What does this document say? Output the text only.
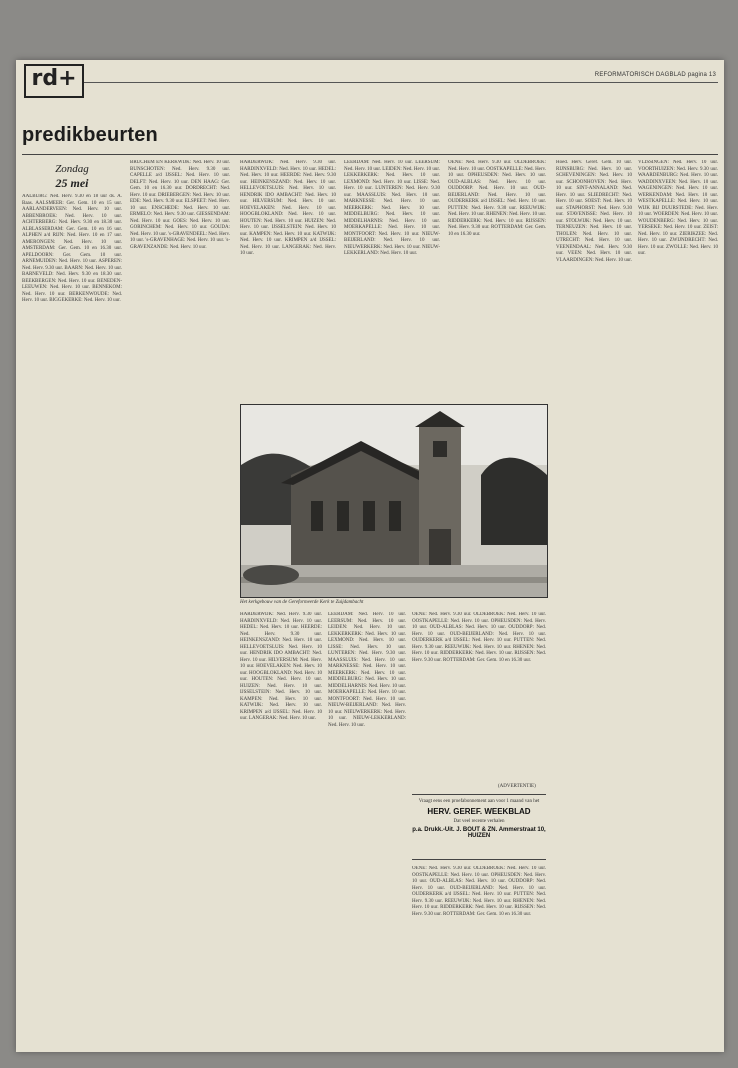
rd+	REFORMATORISCH DAGBLAD pagina 13
predikbeurten
Zondag
25 mei

AALBURG: Ned. Herv. 9.30 en 18 uur ds. A. Baas. AALSMEER: Ger. Gem. 10 en 15 uur. AARLANDERVEEN: Ned. Herv. 10 uur. ABBENBROEK: Ned. Herv. 10 uur. ACHTERBERG: Ned. Herv. 9.30 en 18.30 uur. ALBLASSERDAM: Ger. Gem. 10 en 16 uur. ALPHEN a/d RIJN: Ned. Herv. 10 en 17 uur. AMERONGEN: Ned. Herv. 10 uur. AMSTERDAM: Ger. Gem. 10 en 16.30 uur. APELDOORN: Ger. Gem. 10 uur. ARNEMUIDEN: Ned. Herv. 10 uur. ASPEREN: Ned. Herv. 9.30 uur. BAARN: Ned. Herv. 10 uur. BARNEVELD: Ned. Herv. 9.30 en 18.30 uur. BEEKBERGEN: Ned. Herv. 10 uur. BENEDEN-LEEUWEN: Ned. Herv. 10 uur. BENNEKOM: Ned. Herv. 10 uur. BERKENWOUDE: Ned. Herv. 10 uur. BIGGEKERKE: Ned. Herv. 10 uur.

BRUCHEM EN KERKWIJK: Ned. Herv. 10 uur. BUNSCHOTEN: Ned. Herv. 9.30 uur. CAPELLE a/d IJSSEL: Ned. Herv. 10 uur. DELFT: Ned. Herv. 10 uur. DEN HAAG: Ger. Gem. 10 en 16.30 uur. DORDRECHT: Ned. Herv. 10 uur. DRIEBERGEN: Ned. Herv. 10 uur. EDE: Ned. Herv. 9.30 uur. ELSPEET: Ned. Herv. 10 uur. ENSCHEDE: Ned. Herv. 10 uur. ERMELO: Ned. Herv. 9.30 uur. GIESSENDAM: Ned. Herv. 10 uur. GOES: Ned. Herv. 10 uur. GORINCHEM: Ned. Herv. 10 uur. GOUDA: Ned. Herv. 10 uur. 's-GRAVENDEEL: Ned. Herv. 10 uur. 's-GRAVENHAGE: Ned. Herv. 10 uur. 's-GRAVENZANDE: Ned. Herv. 10 uur.

HARDERWIJK: Ned. Herv. 9.30 uur. HARDINXVELD: Ned. Herv. 10 uur. HEDEL: Ned. Herv. 10 uur. HEERDE: Ned. Herv. 9.30 uur. HEINKENSZAND: Ned. Herv. 10 uur. HELLEVOETSLUIS: Ned. Herv. 10 uur. HENDRIK IDO AMBACHT: Ned. Herv. 10 uur. HILVERSUM: Ned. Herv. 10 uur. HOEVELAKEN: Ned. Herv. 10 uur. HOOGBLOKLAND: Ned. Herv. 10 uur. HOUTEN: Ned. Herv. 10 uur. HUIZEN: Ned. Herv. 10 uur. IJSSELSTEIN: Ned. Herv. 10 uur. KAMPEN: Ned. Herv. 10 uur. KATWIJK: Ned. Herv. 10 uur. KRIMPEN a/d IJSSEL: Ned. Herv. 10 uur. LANGERAK: Ned. Herv. 10 uur.

LEERDAM: Ned. Herv. 10 uur. LEERSUM: Ned. Herv. 10 uur. LEIDEN: Ned. Herv. 10 uur. LEKKERKERK: Ned. Herv. 10 uur. LEXMOND: Ned. Herv. 10 uur. LISSE: Ned. Herv. 10 uur. LUNTEREN: Ned. Herv. 9.30 uur. MAASSLUIS: Ned. Herv. 10 uur. MARKNESSE: Ned. Herv. 10 uur. MEERKERK: Ned. Herv. 10 uur. MIDDELBURG: Ned. Herv. 10 uur. MIDDELHARNIS: Ned. Herv. 10 uur. MOERKAPELLE: Ned. Herv. 10 uur. MONTFOORT: Ned. Herv. 10 uur. NIEUW-BEIJERLAND: Ned. Herv. 10 uur. NIEUWERKERK: Ned. Herv. 10 uur. NIEUW-LEKKERLAND: Ned. Herv. 10 uur.

OENE: Ned. Herv. 9.30 uur. OLDEBROEK: Ned. Herv. 10 uur. OOSTKAPELLE: Ned. Herv. 10 uur. OPHEUSDEN: Ned. Herv. 10 uur. OUD-ALBLAS: Ned. Herv. 10 uur. OUDDORP: Ned. Herv. 10 uur. OUD-BEIJERLAND: Ned. Herv. 10 uur. OUDERKERK a/d IJSSEL: Ned. Herv. 10 uur. PUTTEN: Ned. Herv. 9.30 uur. REEUWIJK: Ned. Herv. 10 uur. RHENEN: Ned. Herv. 10 uur. RIDDERKERK: Ned. Herv. 10 uur. RIJSSEN: Ned. Herv. 9.30 uur. ROTTERDAM: Ger. Gem. 10 en 16.30 uur.

Hoed. Herv. Geref. Gem. 10 uur. RIJNSBURG: Ned. Herv. 10 uur. SCHEVENINGEN: Ned. Herv. 10 uur. SCHOONHOVEN: Ned. Herv. 10 uur. SINT-ANNALAND: Ned. Herv. 10 uur. SLIEDRECHT: Ned. Herv. 10 uur. SOEST: Ned. Herv. 10 uur. STAPHORST: Ned. Herv. 9.30 uur. STAVENISSE: Ned. Herv. 10 uur. STOLWIJK: Ned. Herv. 10 uur. TERNEUZEN: Ned. Herv. 10 uur. THOLEN: Ned. Herv. 10 uur. UTRECHT: Ned. Herv. 10 uur. VEENENDAAL: Ned. Herv. 9.30 uur. VEEN: Ned. Herv. 10 uur. VLAARDINGEN: Ned. Herv. 10 uur.

VLISSINGEN: Ned. Herv. 10 uur. VOORTHUIZEN: Ned. Herv. 9.30 uur. WAARDENBURG: Ned. Herv. 10 uur. WADDINXVEEN: Ned. Herv. 10 uur. WAGENINGEN: Ned. Herv. 10 uur. WERKENDAM: Ned. Herv. 10 uur. WESTKAPELLE: Ned. Herv. 10 uur. WIJK BIJ DUURSTEDE: Ned. Herv. 10 uur. WOERDEN: Ned. Herv. 10 uur. WOUDENBERG: Ned. Herv. 10 uur. YERSEKE: Ned. Herv. 10 uur. ZEIST: Ned. Herv. 10 uur. ZIERIKZEE: Ned. Herv. 10 uur. ZWIJNDRECHT: Ned. Herv. 10 uur. ZWOLLE: Ned. Herv. 10 uur.

Het kerkgebouw van de Gereformeerde Kerk te Zuijdambacht

HARDERWIJK: Ned. Herv. 9.30 uur. HARDINXVELD: Ned. Herv. 10 uur. HEDEL: Ned. Herv. 10 uur. HEERDE: Ned. Herv. 9.30 uur. HEINKENSZAND: Ned. Herv. 10 uur. HELLEVOETSLUIS: Ned. Herv. 10 uur. HENDRIK IDO AMBACHT: Ned. Herv. 10 uur. HILVERSUM: Ned. Herv. 10 uur. HOEVELAKEN: Ned. Herv. 10 uur. HOOGBLOKLAND: Ned. Herv. 10 uur. HOUTEN: Ned. Herv. 10 uur. HUIZEN: Ned. Herv. 10 uur. IJSSELSTEIN: Ned. Herv. 10 uur. KAMPEN: Ned. Herv. 10 uur. KATWIJK: Ned. Herv. 10 uur. KRIMPEN a/d IJSSEL: Ned. Herv. 10 uur. LANGERAK: Ned. Herv. 10 uur.

LEERDAM: Ned. Herv. 10 uur. LEERSUM: Ned. Herv. 10 uur. LEIDEN: Ned. Herv. 10 uur. LEKKERKERK: Ned. Herv. 10 uur. LEXMOND: Ned. Herv. 10 uur. LISSE: Ned. Herv. 10 uur. LUNTEREN: Ned. Herv. 9.30 uur. MAASSLUIS: Ned. Herv. 10 uur. MARKNESSE: Ned. Herv. 10 uur. MEERKERK: Ned. Herv. 10 uur. MIDDELBURG: Ned. Herv. 10 uur. MIDDELHARNIS: Ned. Herv. 10 uur. MOERKAPELLE: Ned. Herv. 10 uur. MONTFOORT: Ned. Herv. 10 uur. NIEUW-BEIJERLAND: Ned. Herv. 10 uur. NIEUWERKERK: Ned. Herv. 10 uur. NIEUW-LEKKERLAND: Ned. Herv. 10 uur.

OENE: Ned. Herv. 9.30 uur. OLDEBROEK: Ned. Herv. 10 uur. OOSTKAPELLE: Ned. Herv. 10 uur. OPHEUSDEN: Ned. Herv. 10 uur. OUD-ALBLAS: Ned. Herv. 10 uur. OUDDORP: Ned. Herv. 10 uur. OUD-BEIJERLAND: Ned. Herv. 10 uur. OUDERKERK a/d IJSSEL: Ned. Herv. 10 uur. PUTTEN: Ned. Herv. 9.30 uur. REEUWIJK: Ned. Herv. 10 uur. RHENEN: Ned. Herv. 10 uur. RIDDERKERK: Ned. Herv. 10 uur. RIJSSEN: Ned. Herv. 9.30 uur. ROTTERDAM: Ger. Gem. 10 en 16.30 uur.

(ADVERTENTIE)
Vraagt eens een proefabonnement aan voor 1 maand van het
HERV. GEREF. WEEKBLAD
Dat veel recente verhalen
p.a. Drukk.-Uit. J. BOUT & ZN. Ammerstraat 10, HUIZEN

OENE: Ned. Herv. 9.30 uur. OLDEBROEK: Ned. Herv. 10 uur. OOSTKAPELLE: Ned. Herv. 10 uur. OPHEUSDEN: Ned. Herv. 10 uur. OUD-ALBLAS: Ned. Herv. 10 uur. OUDDORP: Ned. Herv. 10 uur. OUD-BEIJERLAND: Ned. Herv. 10 uur. OUDERKERK a/d IJSSEL: Ned. Herv. 10 uur. PUTTEN: Ned. Herv. 9.30 uur. REEUWIJK: Ned. Herv. 10 uur. RHENEN: Ned. Herv. 10 uur. RIDDERKERK: Ned. Herv. 10 uur. RIJSSEN: Ned. Herv. 9.30 uur. ROTTERDAM: Ger. Gem. 10 en 16.30 uur.
